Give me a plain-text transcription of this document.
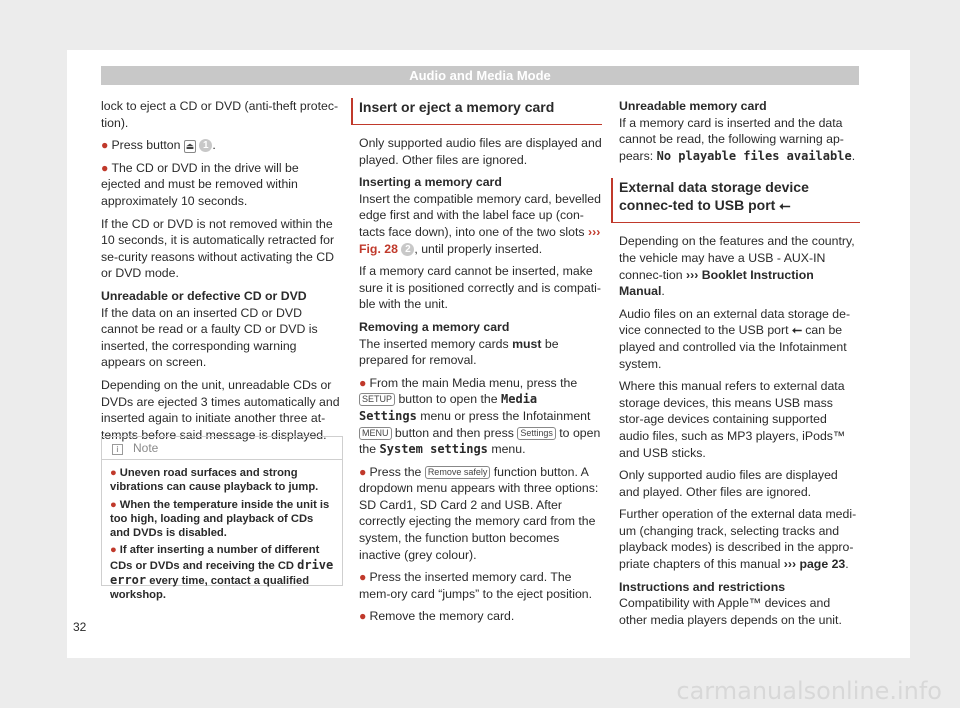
Audio and Media Mode

lock to eject a CD or DVD (anti-theft protec-tion).

● Press button ⏏ 1 .

● The CD or DVD in the drive will be ejected and must be removed within approximately 10 seconds.

If the CD or DVD is not removed within the 10 seconds, it is automatically retracted for se-curity reasons without activating the CD or DVD mode.

Unreadable or defective CD or DVD

If the data on an inserted CD or DVD cannot be read or a faulty CD or DVD is inserted, the corresponding warning appears on screen.

Depending on the unit, unreadable CDs or DVDs are ejected 3 times automatically and inserted again to initiate another three at-tempts before said message is displayed.

i Note

● Uneven road surfaces and strong vibrations can cause playback to jump.

● When the temperature inside the unit is too high, loading and playback of CDs and DVDs is disabled.

● If after inserting a number of different CDs or DVDs and receiving the CD drive error every time, contact a qualified workshop.

Insert or eject a memory card

Only supported audio files are displayed and played. Other files are ignored.

Inserting a memory card

Insert the compatible memory card, bevelled edge first and with the label face up (con-tacts face down), into one of the two slots ››› Fig. 28 2 , until properly inserted.

If a memory card cannot be inserted, make sure it is positioned correctly and is compati-ble with the unit.

Removing a memory card

The inserted memory cards must be prepared for removal.

● From the main Media menu, press the SETUP button to open the Media Settings menu or press the Infotainment MENU button and then press Settings to open the System settings menu.

● Press the Remove safely function button. A dropdown menu appears with three options: SD Card1, SD Card 2 and USB. After correctly ejecting the memory card from the system, the function button becomes inactive (grey colour).

● Press the inserted memory card. The mem-ory card “jumps” to the eject position.

● Remove the memory card.

Unreadable memory card

If a memory card is inserted and the data cannot be read, the following warning ap-pears: No playable files available.

External data storage device connec-ted to USB port ⭠

Depending on the features and the country, the vehicle may have a USB - AUX-IN connec-tion ››› Booklet Instruction Manual.

Audio files on an external data storage de-vice connected to the USB port ⭠ can be played and controlled via the Infotainment system.

Where this manual refers to external data storage devices, this means USB mass stor-age devices containing supported audio files, such as MP3 players, iPods™ and USB sticks.

Only supported audio files are displayed and played. Other files are ignored.

Further operation of the external data medi-um (changing track, selecting tracks and playback modes) is described in the appro-priate chapters of this manual ››› page 23.

Instructions and restrictions

Compatibility with Apple™ devices and other media players depends on the unit.

32
carmanualsonline.info
